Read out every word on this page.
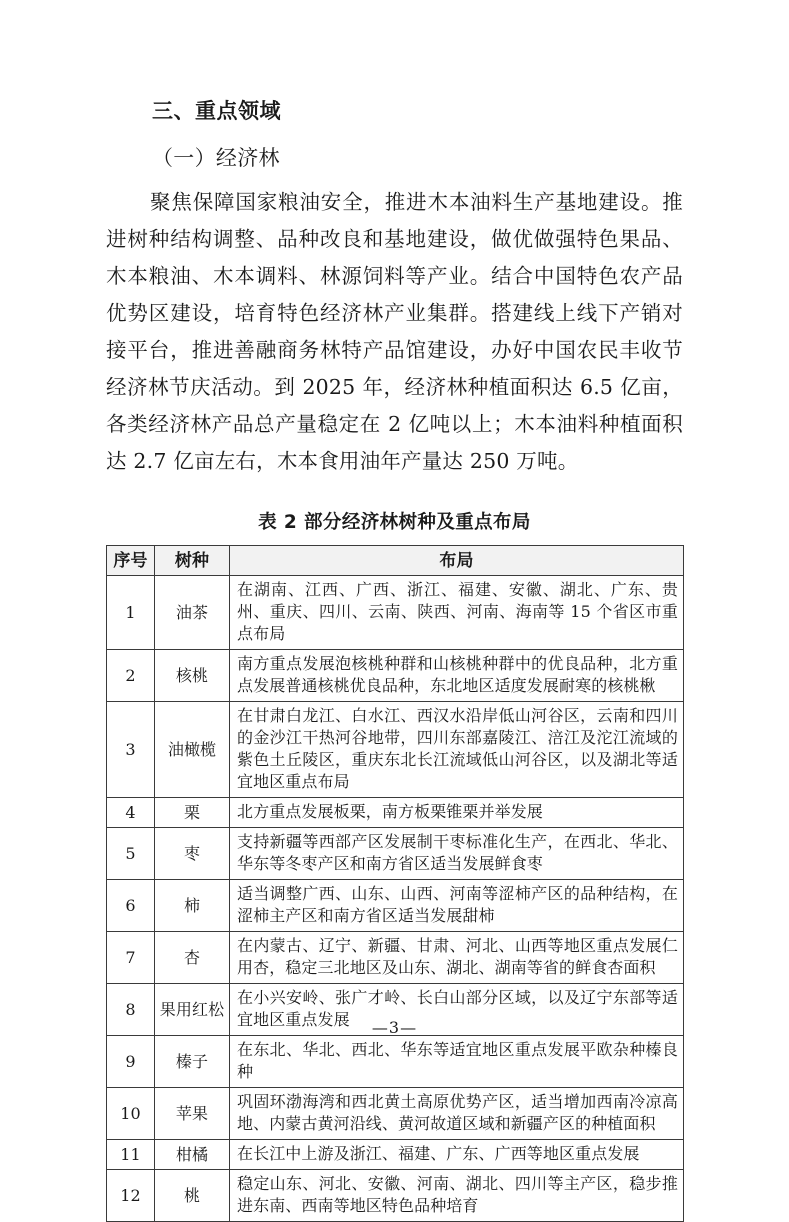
三、重点领域
（一）经济林

聚焦保障国家粮油安全，推进木本油料生产基地建设。推进树种结构调整、品种改良和基地建设，做优做强特色果品、木本粮油、木本调料、林源饲料等产业。结合中国特色农产品优势区建设，培育特色经济林产业集群。搭建线上线下产销对接平台，推进善融商务林特产品馆建设，办好中国农民丰收节经济林节庆活动。到 2025 年，经济林种植面积达 6.5 亿亩，各类经济林产品总产量稳定在 2 亿吨以上；木本油料种植面积达 2.7 亿亩左右，木本食用油年产量达 250 万吨。

表 2 部分经济林树种及重点布局
序号	树种	布局
1	油茶	在湖南、江西、广西、浙江、福建、安徽、湖北、广东、贵州、重庆、四川、云南、陕西、河南、海南等 15 个省区市重点布局
2	核桃	南方重点发展泡核桃种群和山核桃种群中的优良品种，北方重点发展普通核桃优良品种，东北地区适度发展耐寒的核桃楸
3	油橄榄	在甘肃白龙江、白水江、西汉水沿岸低山河谷区，云南和四川的金沙江干热河谷地带，四川东部嘉陵江、涪江及沱江流域的紫色土丘陵区，重庆东北长江流域低山河谷区，以及湖北等适宜地区重点布局
4	栗	北方重点发展板栗，南方板栗锥栗并举发展
5	枣	支持新疆等西部产区发展制干枣标准化生产，在西北、华北、华东等冬枣产区和南方省区适当发展鲜食枣
6	柿	适当调整广西、山东、山西、河南等涩柿产区的品种结构，在涩柿主产区和南方省区适当发展甜柿
7	杏	在内蒙古、辽宁、新疆、甘肃、河北、山西等地区重点发展仁用杏，稳定三北地区及山东、湖北、湖南等省的鲜食杏面积
8	果用红松	在小兴安岭、张广才岭、长白山部分区域，以及辽宁东部等适宜地区重点发展
9	榛子	在东北、华北、西北、华东等适宜地区重点发展平欧杂种榛良种
10	苹果	巩固环渤海湾和西北黄土高原优势产区，适当增加西南冷凉高地、内蒙古黄河沿线、黄河故道区域和新疆产区的种植面积
11	柑橘	在长江中上游及浙江、福建、广东、广西等地区重点发展
12	桃	稳定山东、河北、安徽、河南、湖北、四川等主产区，稳步推进东南、西南等地区特色品种培育
—3—
